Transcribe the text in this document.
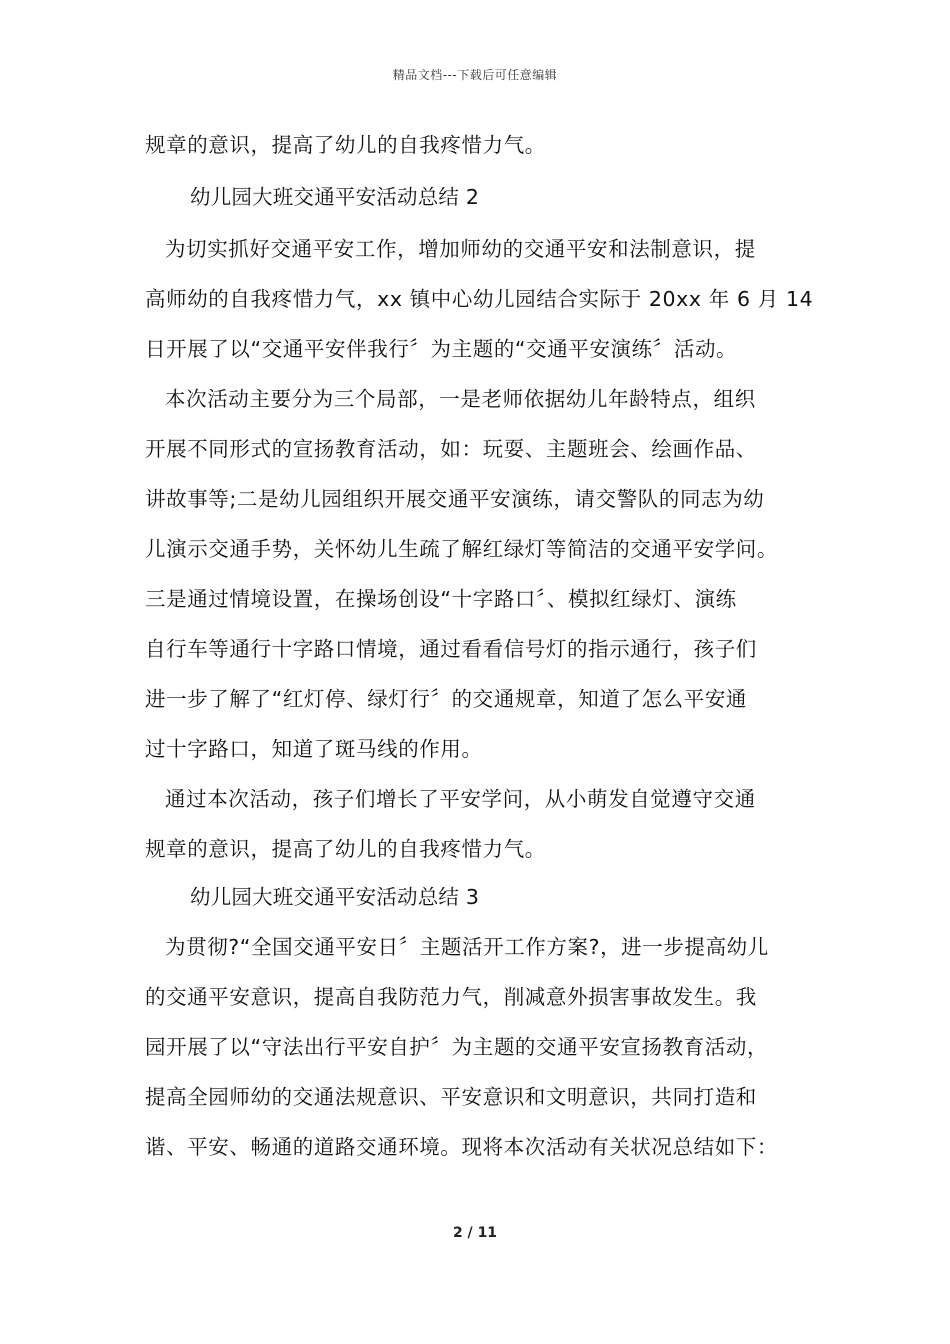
精品文档---下载后可任意编辑
规章的意识，提高了幼儿的自我疼惜力气。
幼儿园大班交通平安活动总结 2
为切实抓好交通平安工作，增加师幼的交通平安和法制意识，提
高师幼的自我疼惜力气，xx 镇中心幼儿园结合实际于 20xx 年 6 月 14
日开展了以“交通平安伴我行〞为主题的“交通平安演练〞活动。
本次活动主要分为三个局部，一是老师依据幼儿年龄特点，组织
开展不同形式的宣扬教育活动，如：玩耍、主题班会、绘画作品、
讲故事等;二是幼儿园组织开展交通平安演练，请交警队的同志为幼
儿演示交通手势，关怀幼儿生疏了解红绿灯等简洁的交通平安学问。
三是通过情境设置，在操场创设“十字路口〞、模拟红绿灯、演练
自行车等通行十字路口情境，通过看看信号灯的指示通行，孩子们
进一步了解了“红灯停、绿灯行〞的交通规章，知道了怎么平安通
过十字路口，知道了斑马线的作用。
通过本次活动，孩子们增长了平安学问，从小萌发自觉遵守交通
规章的意识，提高了幼儿的自我疼惜力气。
幼儿园大班交通平安活动总结 3
为贯彻?“全国交通平安日〞主题活开工作方案?，进一步提高幼儿
的交通平安意识，提高自我防范力气，削减意外损害事故发生。我
园开展了以“守法出行平安自护〞为主题的交通平安宣扬教育活动，
提高全园师幼的交通法规意识、平安意识和文明意识，共同打造和
谐、平安、畅通的道路交通环境。现将本次活动有关状况总结如下：
2 / 11
